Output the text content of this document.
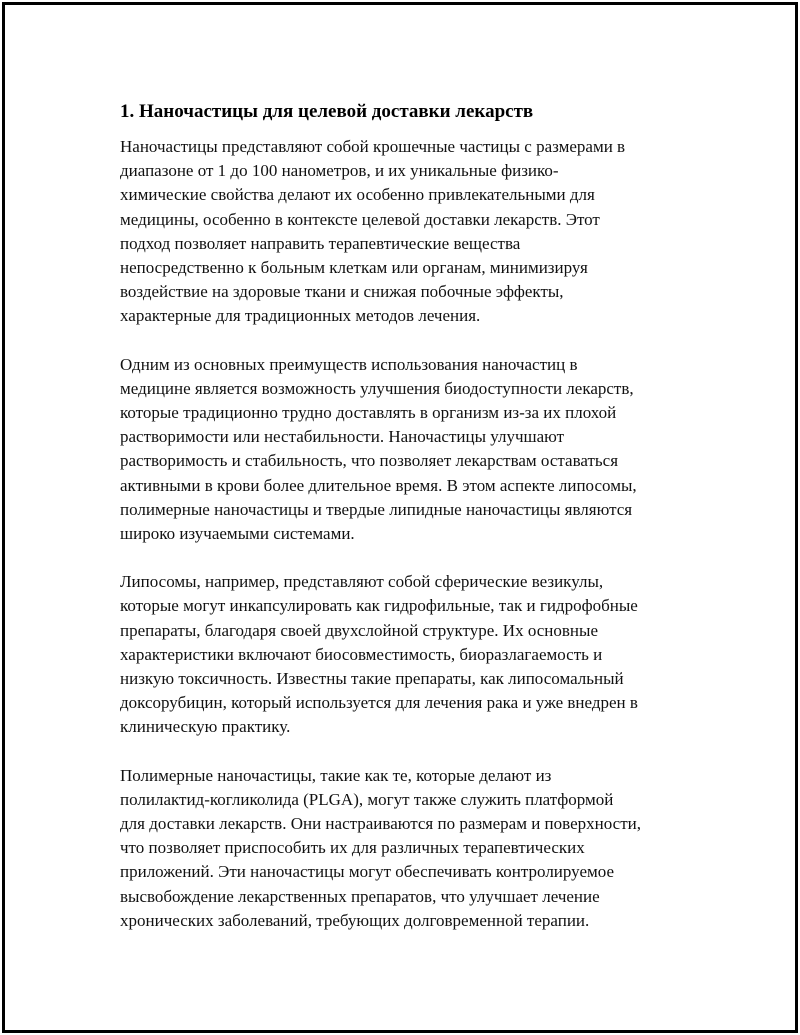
1. Наночастицы для целевой доставки лекарств

Наночастицы представляют собой крошечные частицы с размерами в
диапазоне от 1 до 100 нанометров, и их уникальные физико-
химические свойства делают их особенно привлекательными для
медицины, особенно в контексте целевой доставки лекарств. Этот
подход позволяет направить терапевтические вещества
непосредственно к больным клеткам или органам, минимизируя
воздействие на здоровые ткани и снижая побочные эффекты,
характерные для традиционных методов лечения.

Одним из основных преимуществ использования наночастиц в
медицине является возможность улучшения биодоступности лекарств,
которые традиционно трудно доставлять в организм из-за их плохой
растворимости или нестабильности. Наночастицы улучшают
растворимость и стабильность, что позволяет лекарствам оставаться
активными в крови более длительное время. В этом аспекте липосомы,
полимерные наночастицы и твердые липидные наночастицы являются
широко изучаемыми системами.

Липосомы, например, представляют собой сферические везикулы,
которые могут инкапсулировать как гидрофильные, так и гидрофобные
препараты, благодаря своей двухслойной структуре. Их основные
характеристики включают биосовместимость, биоразлагаемость и
низкую токсичность. Известны такие препараты, как липосомальный
доксорубицин, который используется для лечения рака и уже внедрен в
клиническую практику.

Полимерные наночастицы, такие как те, которые делают из
полилактид-когликолида (PLGA), могут также служить платформой
для доставки лекарств. Они настраиваются по размерам и поверхности,
что позволяет приспособить их для различных терапевтических
приложений. Эти наночастицы могут обеспечивать контролируемое
высвобождение лекарственных препаратов, что улучшает лечение
хронических заболеваний, требующих долговременной терапии.
